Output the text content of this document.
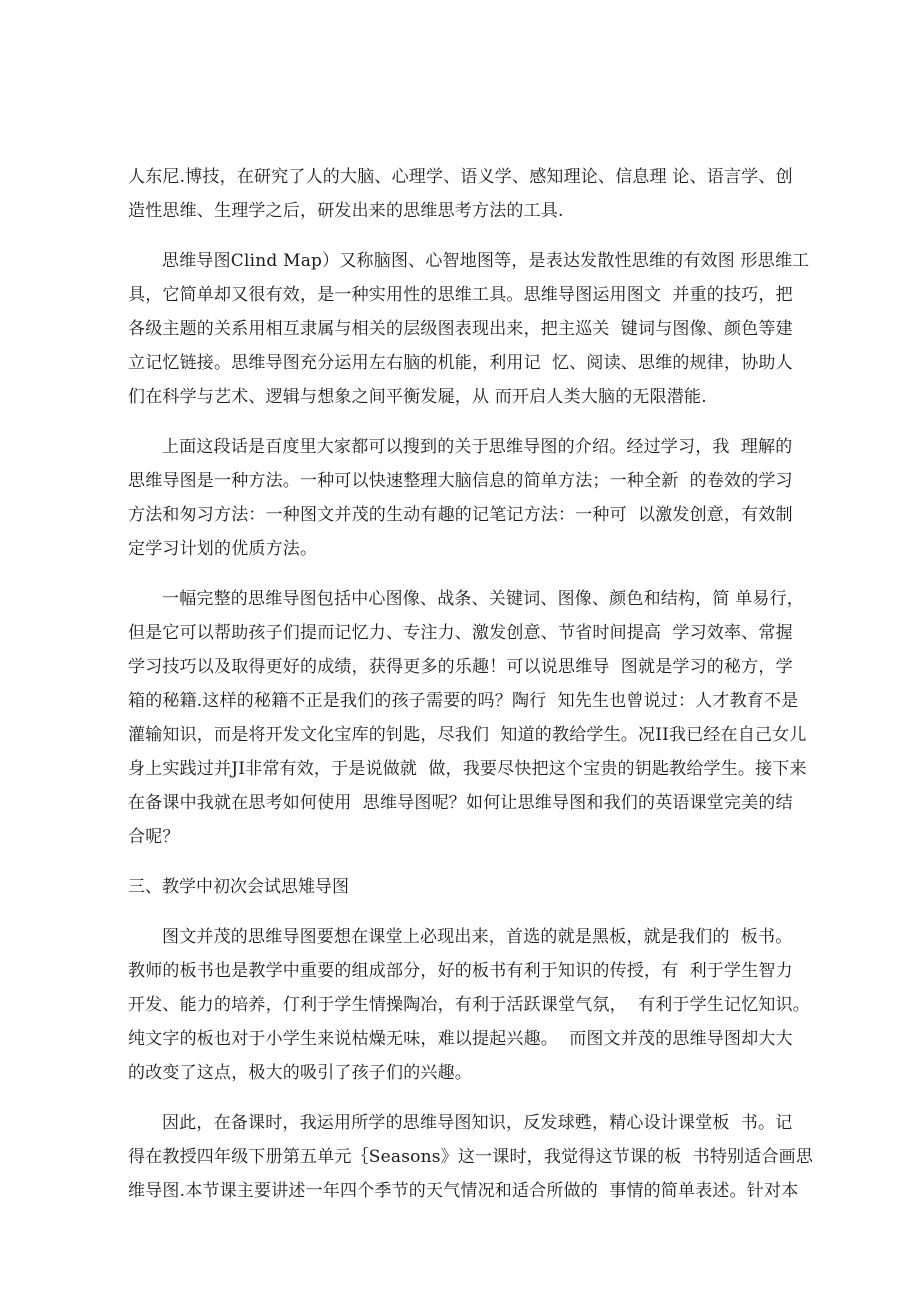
人东尼.博技，在研究了人的大脑、心理学、语义学、感知理论、信息理 论、语言学、创
造性思维、生理学之后，研发出来的思维思考方法的工具.
思维导图Clind Map）又称脑图、心智地图等，是表达发散性思维的有效图 形思维工
具，它简单却又很有效，是一种实用性的思维工具。思维导图运用图文  并重的技巧，把
各级主题的关系用相互隶属与相关的层级图表现出来，把主巡关  键词与图像、颜色等建
立记忆链接。思维导图充分运用左右脑的机能，利用记  忆、阅读、思维的规律，协助人
们在科学与艺术、逻辑与想象之间平衡发屣，从 而开启人类大脑的无限潜能.
上面这段话是百度里大家都可以搜到的关于思维导图的介绍。经过学习，我  理解的
思维导图是一种方法。一种可以快速整理大脑信息的简单方法；一种全新  的卷效的学习
方法和匆习方法：一种图文并茂的生动有趣的记笔记方法：一种可  以激发创意，有效制
定学习计划的优质方法。
一幅完整的思维导图包括中心图像、战条、关键词、图像、颜色和结构，简 单易行，
但是它可以帮助孩子们提而记忆力、专注力、激发创意、节省时间提高  学习效率、常握
学习技巧以及取得更好的成绩，获得更多的乐趣！可以说思维导  图就是学习的秘方，学
箱的秘籍.这样的秘籍不正是我们的孩子需要的吗？陶行  知先生也曾说过：人才教育不是
灌输知识，而是将开发文化宝库的钊匙，尽我们  知道的教给学生。况II我已经在自己女儿
身上实践过并JI非常有效，于是说做就  做，我要尽快把这个宝贵的钥匙教给学生。接下来
在备课中我就在思考如何使用  思维导图呢？如何让思维导图和我们的英语课堂完美的结
合呢？
三、教学中初次会试思雉导图
图文并茂的思维导图要想在课堂上必现出来，首选的就是黑板，就是我们的  板书。
教师的板书也是教学中重要的组成部分，好的板书有利于知识的传授，有  利于学生智力
开发、能力的培养，仃利于学生情操陶冶，有利于活跃课堂气氛，  有利于学生记忆知识。
纯文字的板也对于小学生来说枯燥无味，难以提起兴趣。  而图文并茂的思维导图却大大
的改变了这点，极大的吸引了孩子们的兴趣。
因此，在备课时，我运用所学的思维导图知识，反发球甦，精心设计课堂板  书。记
得在教授四年级下册第五单元｛Seasons》这一课时，我觉得这节课的板  书特别适合画思
维导图.本节课主要讲述一年四个季节的天气情况和适合所做的  事情的简单表述。针对本
